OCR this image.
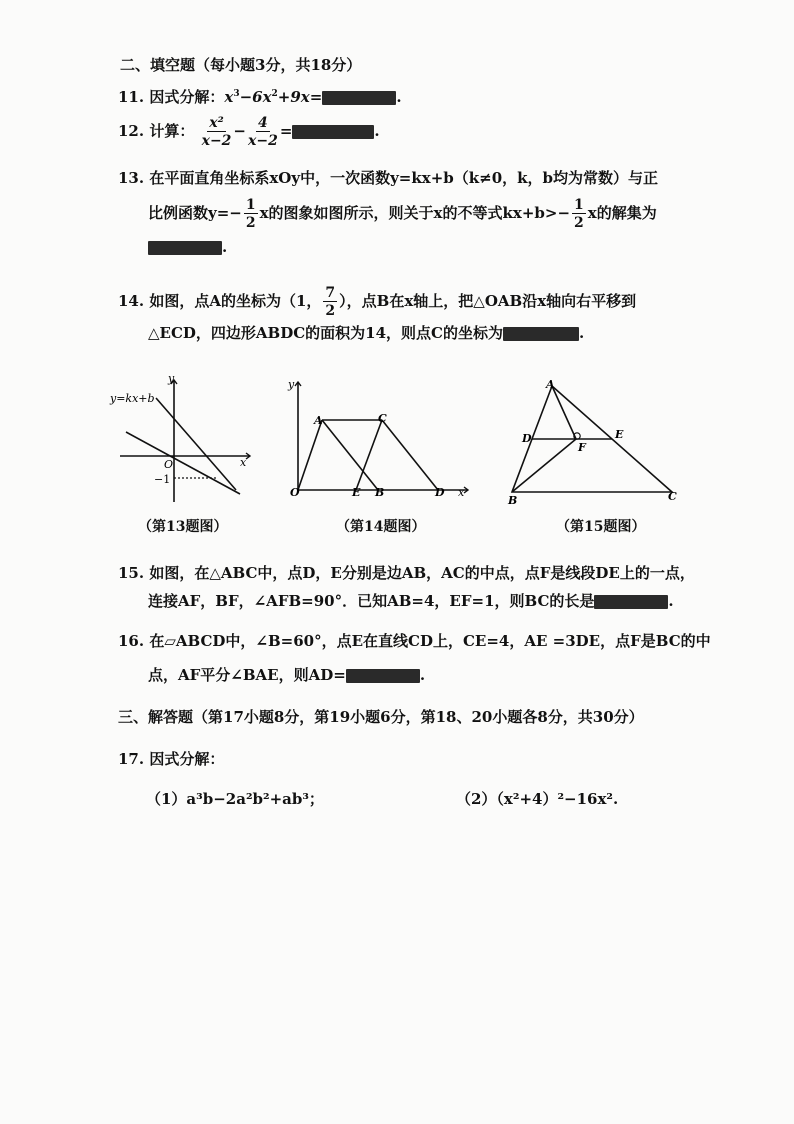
二、填空题（每小题3分，共18分）
11. 因式分解：$x^3-6x^2+9x=$	.
12. 计算： $\frac{\text{x²}}{x-2} - \frac{4}{x-2}$ =	.
13. 在平面直角坐标系xOy中，一次函数y=kx+b（k≠0，k，b均为常数）与正
比例函数$y=- \frac{1}{2}$ x的图象如图所示，则关于x的不等式$kx+b>- \frac{1}{2}$ x的解集为
.
14. 如图，点A的坐标为（1， $\frac{7}{2}$ ），点B在x轴上，把△OAB沿x轴向右平移到
△ECD，四边形ABDC的面积为14，则点C的坐标为	.
y=kx+b
y
x
O
−1
（第13题图）
y
x
A	C
O	E B	D
（第14题图）
A
D	E
F
B	C
（第15题图）
15. 如图，在△ABC中，点D，E分别是边AB，AC的中点，点F是线段DE上的一点，
连接AF，BF，∠AFB=90°．已知AB=4，EF=1，则BC的长是	.
16. 在▱ABCD中，∠B=60°，点E在直线CD上，CE=4，AE =3DE，点F是BC的中
点，AF平分∠BAE，则AD=	.
三、解答题（第17小题8分，第19小题6分，第18、20小题各8分，共30分）
17. 因式分解：
（1）a³b−2a²b²+ab³；	（2）（x²+4）²−16x².
